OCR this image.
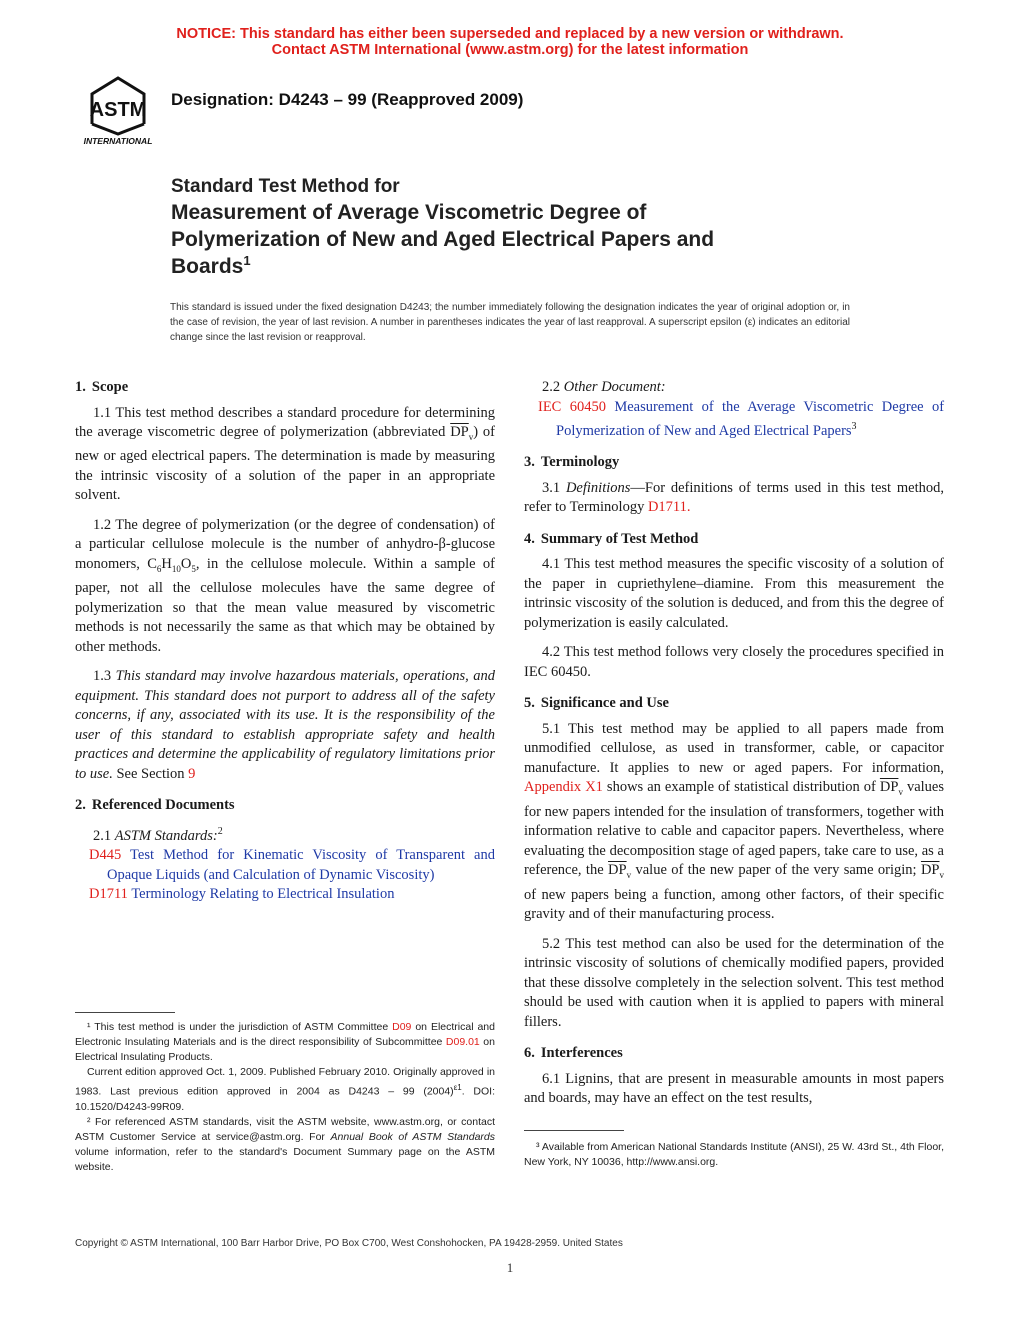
NOTICE: This standard has either been superseded and replaced by a new version or withdrawn.
Contact ASTM International (www.astm.org) for the latest information
ASTM
INTERNATIONAL
Designation: D4243 – 99 (Reapproved 2009)
Standard Test Method for
Measurement of Average Viscometric Degree of
Polymerization of New and Aged Electrical Papers and
Boards$^1$
This standard is issued under the fixed designation D4243; the number immediately following the designation indicates the year of original adoption or, in the case of revision, the year of last revision. A number in parentheses indicates the year of last reapproval. A superscript epsilon (ε) indicates an editorial change since the last revision or reapproval.
1. Scope

1.1 This test method describes a standard procedure for determining the average viscometric degree of polymerization (abbreviated $\overline{DP}_v$) of new or aged electrical papers. The determination is made by measuring the intrinsic viscosity of a solution of the paper in an appropriate solvent.

1.2 The degree of polymerization (or the degree of condensation) of a particular cellulose molecule is the number of anhydro-β-glucose monomers, $C_6H_{10}O_5$, in the cellulose molecule. Within a sample of paper, not all the cellulose molecules have the same degree of polymerization so that the mean value measured by viscometric methods is not necessarily the same as that which may be obtained by other methods.

1.3 This standard may involve hazardous materials, operations, and equipment. This standard does not purport to address all of the safety concerns, if any, associated with its use. It is the responsibility of the user of this standard to establish appropriate safety and health practices and determine the applicability of regulatory limitations prior to use. See Section 9

2. Referenced Documents

2.1 ASTM Standards:$^2$

D445 Test Method for Kinematic Viscosity of Transparent and Opaque Liquids (and Calculation of Dynamic Viscosity)

D1711 Terminology Relating to Electrical Insulation

2.2 Other Document:

IEC 60450 Measurement of the Average Viscometric Degree of Polymerization of New and Aged Electrical Papers$^3$

3. Terminology

3.1 Definitions—For definitions of terms used in this test method, refer to Terminology D1711.

4. Summary of Test Method

4.1 This test method measures the specific viscosity of a solution of the paper in cupriethylene–diamine. From this measurement the intrinsic viscosity of the solution is deduced, and from this the degree of polymerization is easily calculated.

4.2 This test method follows very closely the procedures specified in IEC 60450.

5. Significance and Use

5.1 This test method may be applied to all papers made from unmodified cellulose, as used in transformer, cable, or capacitor manufacture. It applies to new or aged papers. For information, Appendix X1 shows an example of statistical distribution of $\overline{DP}_v$ values for new papers intended for the insulation of transformers, together with information relative to cable and capacitor papers. Nevertheless, where evaluating the decomposition stage of aged papers, take care to use, as a reference, the $\overline{DP}_v$ value of the new paper of the very same origin; $\overline{DP}_v$ of new papers being a function, among other factors, of their specific gravity and of their manufacturing process.

5.2 This test method can also be used for the determination of the intrinsic viscosity of solutions of chemically modified papers, provided that these dissolve completely in the selection solvent. This test method should be used with caution when it is applied to papers with mineral fillers.

6. Interferences

6.1 Lignins, that are present in measurable amounts in most papers and boards, may have an effect on the test results,

¹ This test method is under the jurisdiction of ASTM Committee D09 on Electrical and Electronic Insulating Materials and is the direct responsibility of Subcommittee D09.01 on Electrical Insulating Products.

Current edition approved Oct. 1, 2009. Published February 2010. Originally approved in 1983. Last previous edition approved in 2004 as D4243 – 99 $(2004)^{\varepsilon 1}$. DOI: 10.1520/D4243-99R09.

² For referenced ASTM standards, visit the ASTM website, www.astm.org, or contact ASTM Customer Service at service@astm.org. For Annual Book of ASTM Standards volume information, refer to the standard's Document Summary page on the ASTM website.

³ Available from American National Standards Institute (ANSI), 25 W. 43rd St., 4th Floor, New York, NY 10036, http://www.ansi.org.

Copyright © ASTM International, 100 Barr Harbor Drive, PO Box C700, West Conshohocken, PA 19428-2959. United States
1
